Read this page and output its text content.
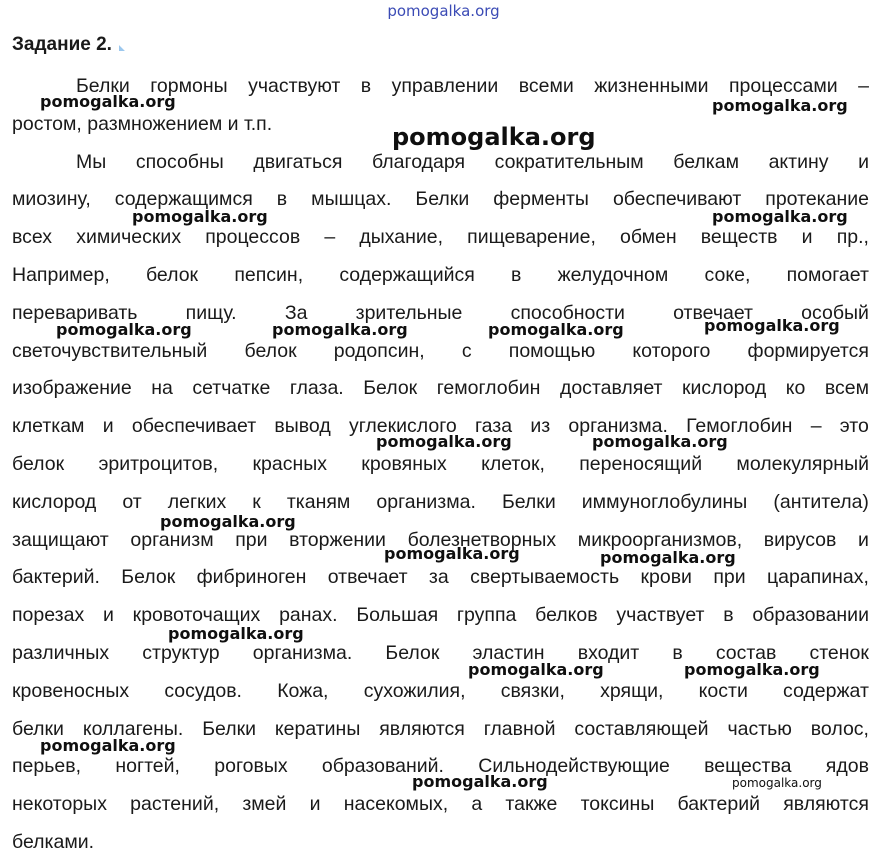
pomogalka.org
Задание 2.
Белки гормоны участвуют в управлении всеми жизненными процессами –
ростом, размножением и т.п.
Мы способны двигаться благодаря сократительным белкам актину и
миозину, содержащимся в мышцах. Белки ферменты обеспечивают протекание
всех химических процессов – дыхание, пищеварение, обмен веществ и пр.,
Например, белок пепсин, содержащийся в желудочном соке, помогает
переваривать пищу. За зрительные способности отвечает особый
светочувствительный белок родопсин, с помощью которого формируется
изображение на сетчатке глаза. Белок гемоглобин доставляет кислород ко всем
клеткам и обеспечивает вывод углекислого газа из организма. Гемоглобин – это
белок эритроцитов, красных кровяных клеток, переносящий молекулярный
кислород от легких к тканям организма. Белки иммуноглобулины (антитела)
защищают организм при вторжении болезнетворных микроорганизмов, вирусов и
бактерий. Белок фибриноген отвечает за свертываемость крови при царапинах,
порезах и кровоточащих ранах. Большая группа белков участвует в образовании
различных структур организма. Белок эластин входит в состав стенок
кровеносных сосудов. Кожа, сухожилия, связки, хрящи, кости содержат
белки коллагены. Белки кератины являются главной составляющей частью волос,
перьев, ногтей, роговых образований. Сильнодействующие вещества ядов
некоторых растений, змей и насекомых, а также токсины бактерий являются
белками.
pomogalka.org	pomogalka.org
pomogalka.org
pomogalka.org	pomogalka.org
pomogalka.org	pomogalka.org	pomogalka.org	pomogalka.org
pomogalka.org	pomogalka.org
pomogalka.org
pomogalka.org	pomogalka.org
pomogalka.org
pomogalka.org	pomogalka.org
pomogalka.org
pomogalka.org	pomogalka.org
